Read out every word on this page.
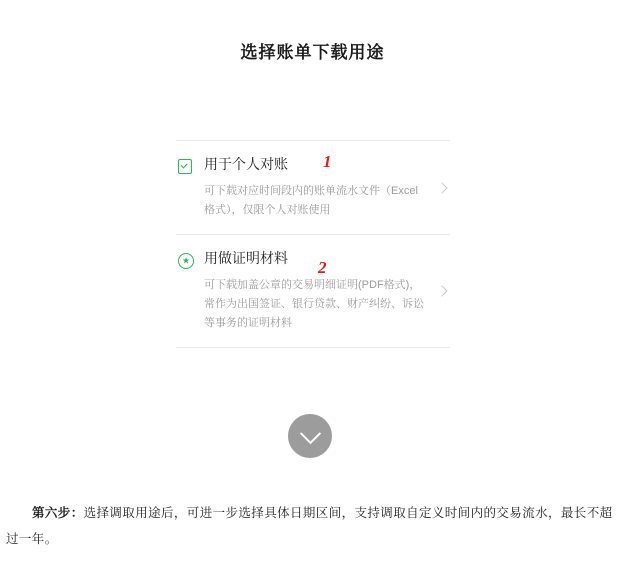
选择账单下载用途
用于个人对账
可下载对应时间段内的账单流水文件（Excel格式），仅限个人对账使用
★ 用做证明材料
可下载加盖公章的交易明细证明(PDF格式)，常作为出国签证、银行贷款、财产纠纷、诉讼等事务的证明材料
1
2
第六步：选择调取用途后，可进一步选择具体日期区间，支持调取自定义时间内的交易流水，最长不超过一年。
